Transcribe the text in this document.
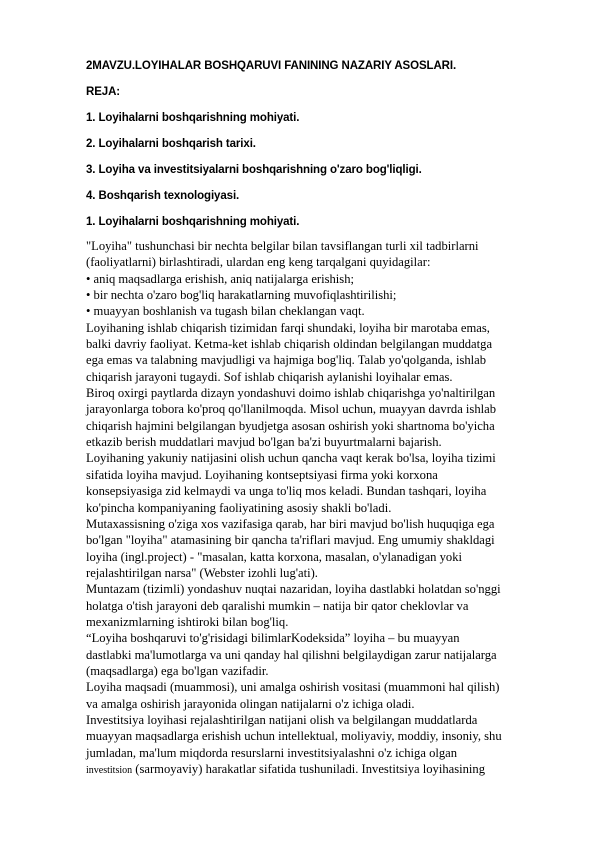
2MAVZU.LOYIHALAR BOSHQARUVI FANINING NAZARIY ASOSLARI.
REJA:
1. Loyihalarni boshqarishning mohiyati.
2. Loyihalarni boshqarish tarixi.
3. Loyiha va investitsiyalarni boshqarishning o'zaro bog'liqligi.
4. Boshqarish texnologiyasi.
1. Loyihalarni boshqarishning mohiyati.
"Loyiha" tushunchasi bir nechta belgilar bilan tavsiflangan turli xil tadbirlarni
(faoliyatlarni) birlashtiradi, ulardan eng keng tarqalgani quyidagilar:
• aniq maqsadlarga erishish, aniq natijalarga erishish;
• bir nechta o'zaro bog'liq harakatlarning muvofiqlashtirilishi;
• muayyan boshlanish va tugash bilan cheklangan vaqt.
Loyihaning ishlab chiqarish tizimidan farqi shundaki, loyiha bir marotaba emas,
balki davriy faoliyat. Ketma-ket ishlab chiqarish oldindan belgilangan muddatga
ega emas va talabning mavjudligi va hajmiga bog'liq. Talab yo'qolganda, ishlab
chiqarish jarayoni tugaydi. Sof ishlab chiqarish aylanishi loyihalar emas.
Biroq oxirgi paytlarda dizayn yondashuvi doimo ishlab chiqarishga yo'naltirilgan
jarayonlarga tobora ko'proq qo'llanilmoqda. Misol uchun, muayyan davrda ishlab
chiqarish hajmini belgilangan byudjetga asosan oshirish yoki shartnoma bo'yicha
etkazib berish muddatlari mavjud bo'lgan ba'zi buyurtmalarni bajarish.
Loyihaning yakuniy natijasini olish uchun qancha vaqt kerak bo'lsa, loyiha tizimi
sifatida loyiha mavjud. Loyihaning kontseptsiyasi firma yoki korxona
konsepsiyasiga zid kelmaydi va unga to'liq mos keladi. Bundan tashqari, loyiha
ko'pincha kompaniyaning faoliyatining asosiy shakli bo'ladi.
Mutaxassisning o'ziga xos vazifasiga qarab, har biri mavjud bo'lish huquqiga ega
bo'lgan "loyiha" atamasining bir qancha ta'riflari mavjud. Eng umumiy shakldagi
loyiha (ingl.project) - "masalan, katta korxona, masalan, o'ylanadigan yoki
rejalashtirilgan narsa" (Webster izohli lug'ati).
Muntazam (tizimli) yondashuv nuqtai nazaridan, loyiha dastlabki holatdan so'nggi
holatga o'tish jarayoni deb qaralishi mumkin – natija bir qator cheklovlar va
mexanizmlarning ishtiroki bilan bog'liq.
“Loyiha boshqaruvi to'g'risidagi bilimlarKodeksida” loyiha – bu muayyan
dastlabki ma'lumotlarga va uni qanday hal qilishni belgilaydigan zarur natijalarga
(maqsadlarga) ega bo'lgan vazifadir.
Loyiha maqsadi (muammosi), uni amalga oshirish vositasi (muammoni hal qilish)
va amalga oshirish jarayonida olingan natijalarni o'z ichiga oladi.
Investitsiya loyihasi rejalashtirilgan natijani olish va belgilangan muddatlarda
muayyan maqsadlarga erishish uchun intellektual, moliyaviy, moddiy, insoniy, shu
jumladan, ma'lum miqdorda resurslarni investitsiyalashni o'z ichiga olgan
investitsion (sarmoyaviy) harakatlar sifatida tushuniladi. Investitsiya loyihasining
